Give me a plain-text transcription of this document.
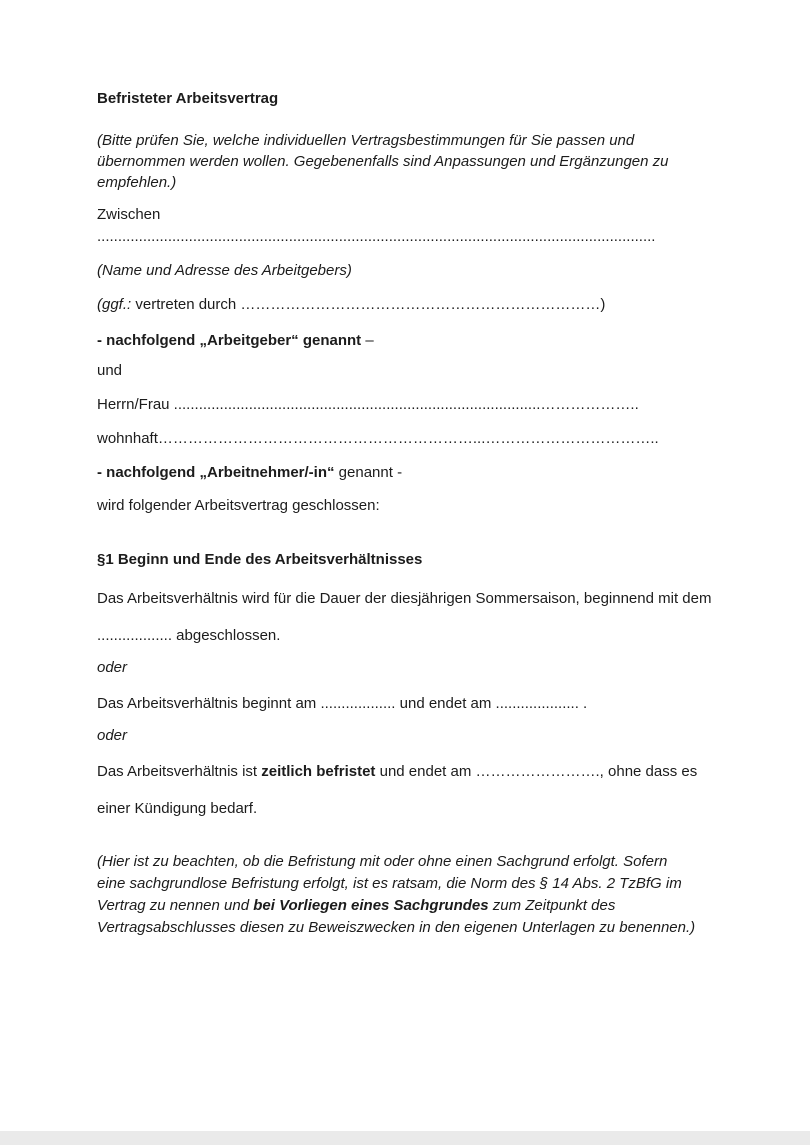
Befristeter Arbeitsvertrag

(Bitte prüfen Sie, welche individuellen Vertragsbestimmungen für Sie passen und übernommen werden wollen. Gegebenenfalls sind Anpassungen und Ergänzungen zu empfehlen.)

Zwischen ......................................................................................................................................

(Name und Adresse des Arbeitgebers)

(ggf.: vertreten durch ………………………………………………………………)

- nachfolgend „Arbeitgeber“ genannt –

und

Herrn/Frau ........................................................................................………………..

wohnhaft………………………………………………………...……………………………..

- nachfolgend „Arbeitnehmer/-in“ genannt -

wird folgender Arbeitsvertrag geschlossen:

§1 Beginn und Ende des Arbeitsverhältnisses

Das Arbeitsverhältnis wird für die Dauer der diesjährigen Sommersaison, beginnend mit dem .................. abgeschlossen.

oder

Das Arbeitsverhältnis beginnt am .................. und endet am .................... .

oder

Das Arbeitsverhältnis ist zeitlich befristet und endet am ……………………., ohne dass es einer Kündigung bedarf.

(Hier ist zu beachten, ob die Befristung mit oder ohne einen Sachgrund erfolgt. Sofern eine sachgrundlose Befristung erfolgt, ist es ratsam, die Norm des § 14 Abs. 2 TzBfG im Vertrag zu nennen und bei Vorliegen eines Sachgrundes zum Zeitpunkt des Vertragsabschlusses diesen zu Beweiszwecken in den eigenen Unterlagen zu benennen.)
